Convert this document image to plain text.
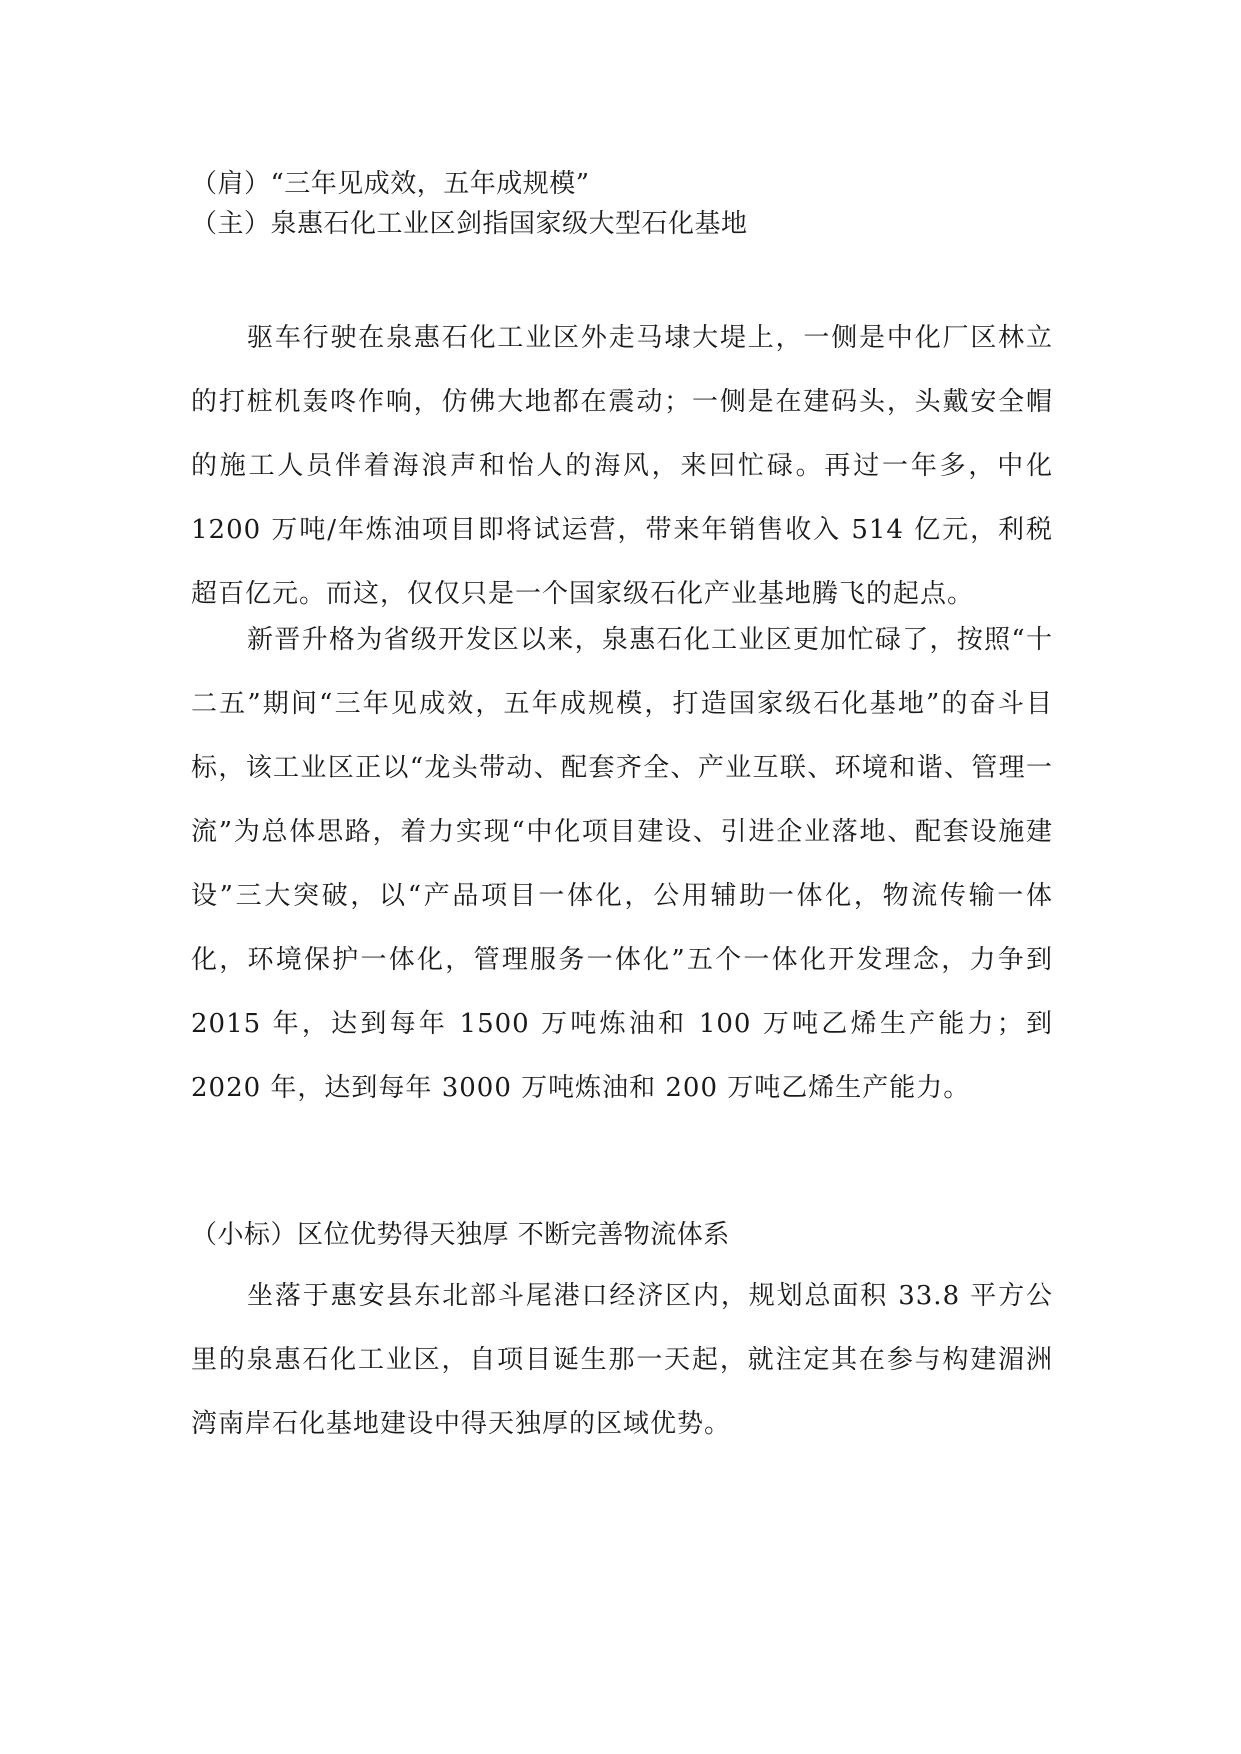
（肩）“三年见成效，五年成规模”
（主）泉惠石化工业区剑指国家级大型石化基地

驱车行驶在泉惠石化工业区外走马埭大堤上，一侧是中化厂区林立的打桩机轰咚作响，仿佛大地都在震动；一侧是在建码头，头戴安全帽的施工人员伴着海浪声和怡人的海风，来回忙碌。再过一年多，中化 1200 万吨/年炼油项目即将试运营，带来年销售收入 514 亿元，利税超百亿元。而这，仅仅只是一个国家级石化产业基地腾飞的起点。

新晋升格为省级开发区以来，泉惠石化工业区更加忙碌了，按照“十二五”期间“三年见成效，五年成规模，打造国家级石化基地”的奋斗目标，该工业区正以“龙头带动、配套齐全、产业互联、环境和谐、管理一流”为总体思路，着力实现“中化项目建设、引进企业落地、配套设施建设”三大突破，以“产品项目一体化，公用辅助一体化，物流传输一体化，环境保护一体化，管理服务一体化”五个一体化开发理念，力争到 2015 年，达到每年 1500 万吨炼油和 100 万吨乙烯生产能力；到 2020 年，达到每年 3000 万吨炼油和 200 万吨乙烯生产能力。

（小标）区位优势得天独厚 不断完善物流体系

坐落于惠安县东北部斗尾港口经济区内，规划总面积 33.8 平方公里的泉惠石化工业区，自项目诞生那一天起，就注定其在参与构建湄洲湾南岸石化基地建设中得天独厚的区域优势。
